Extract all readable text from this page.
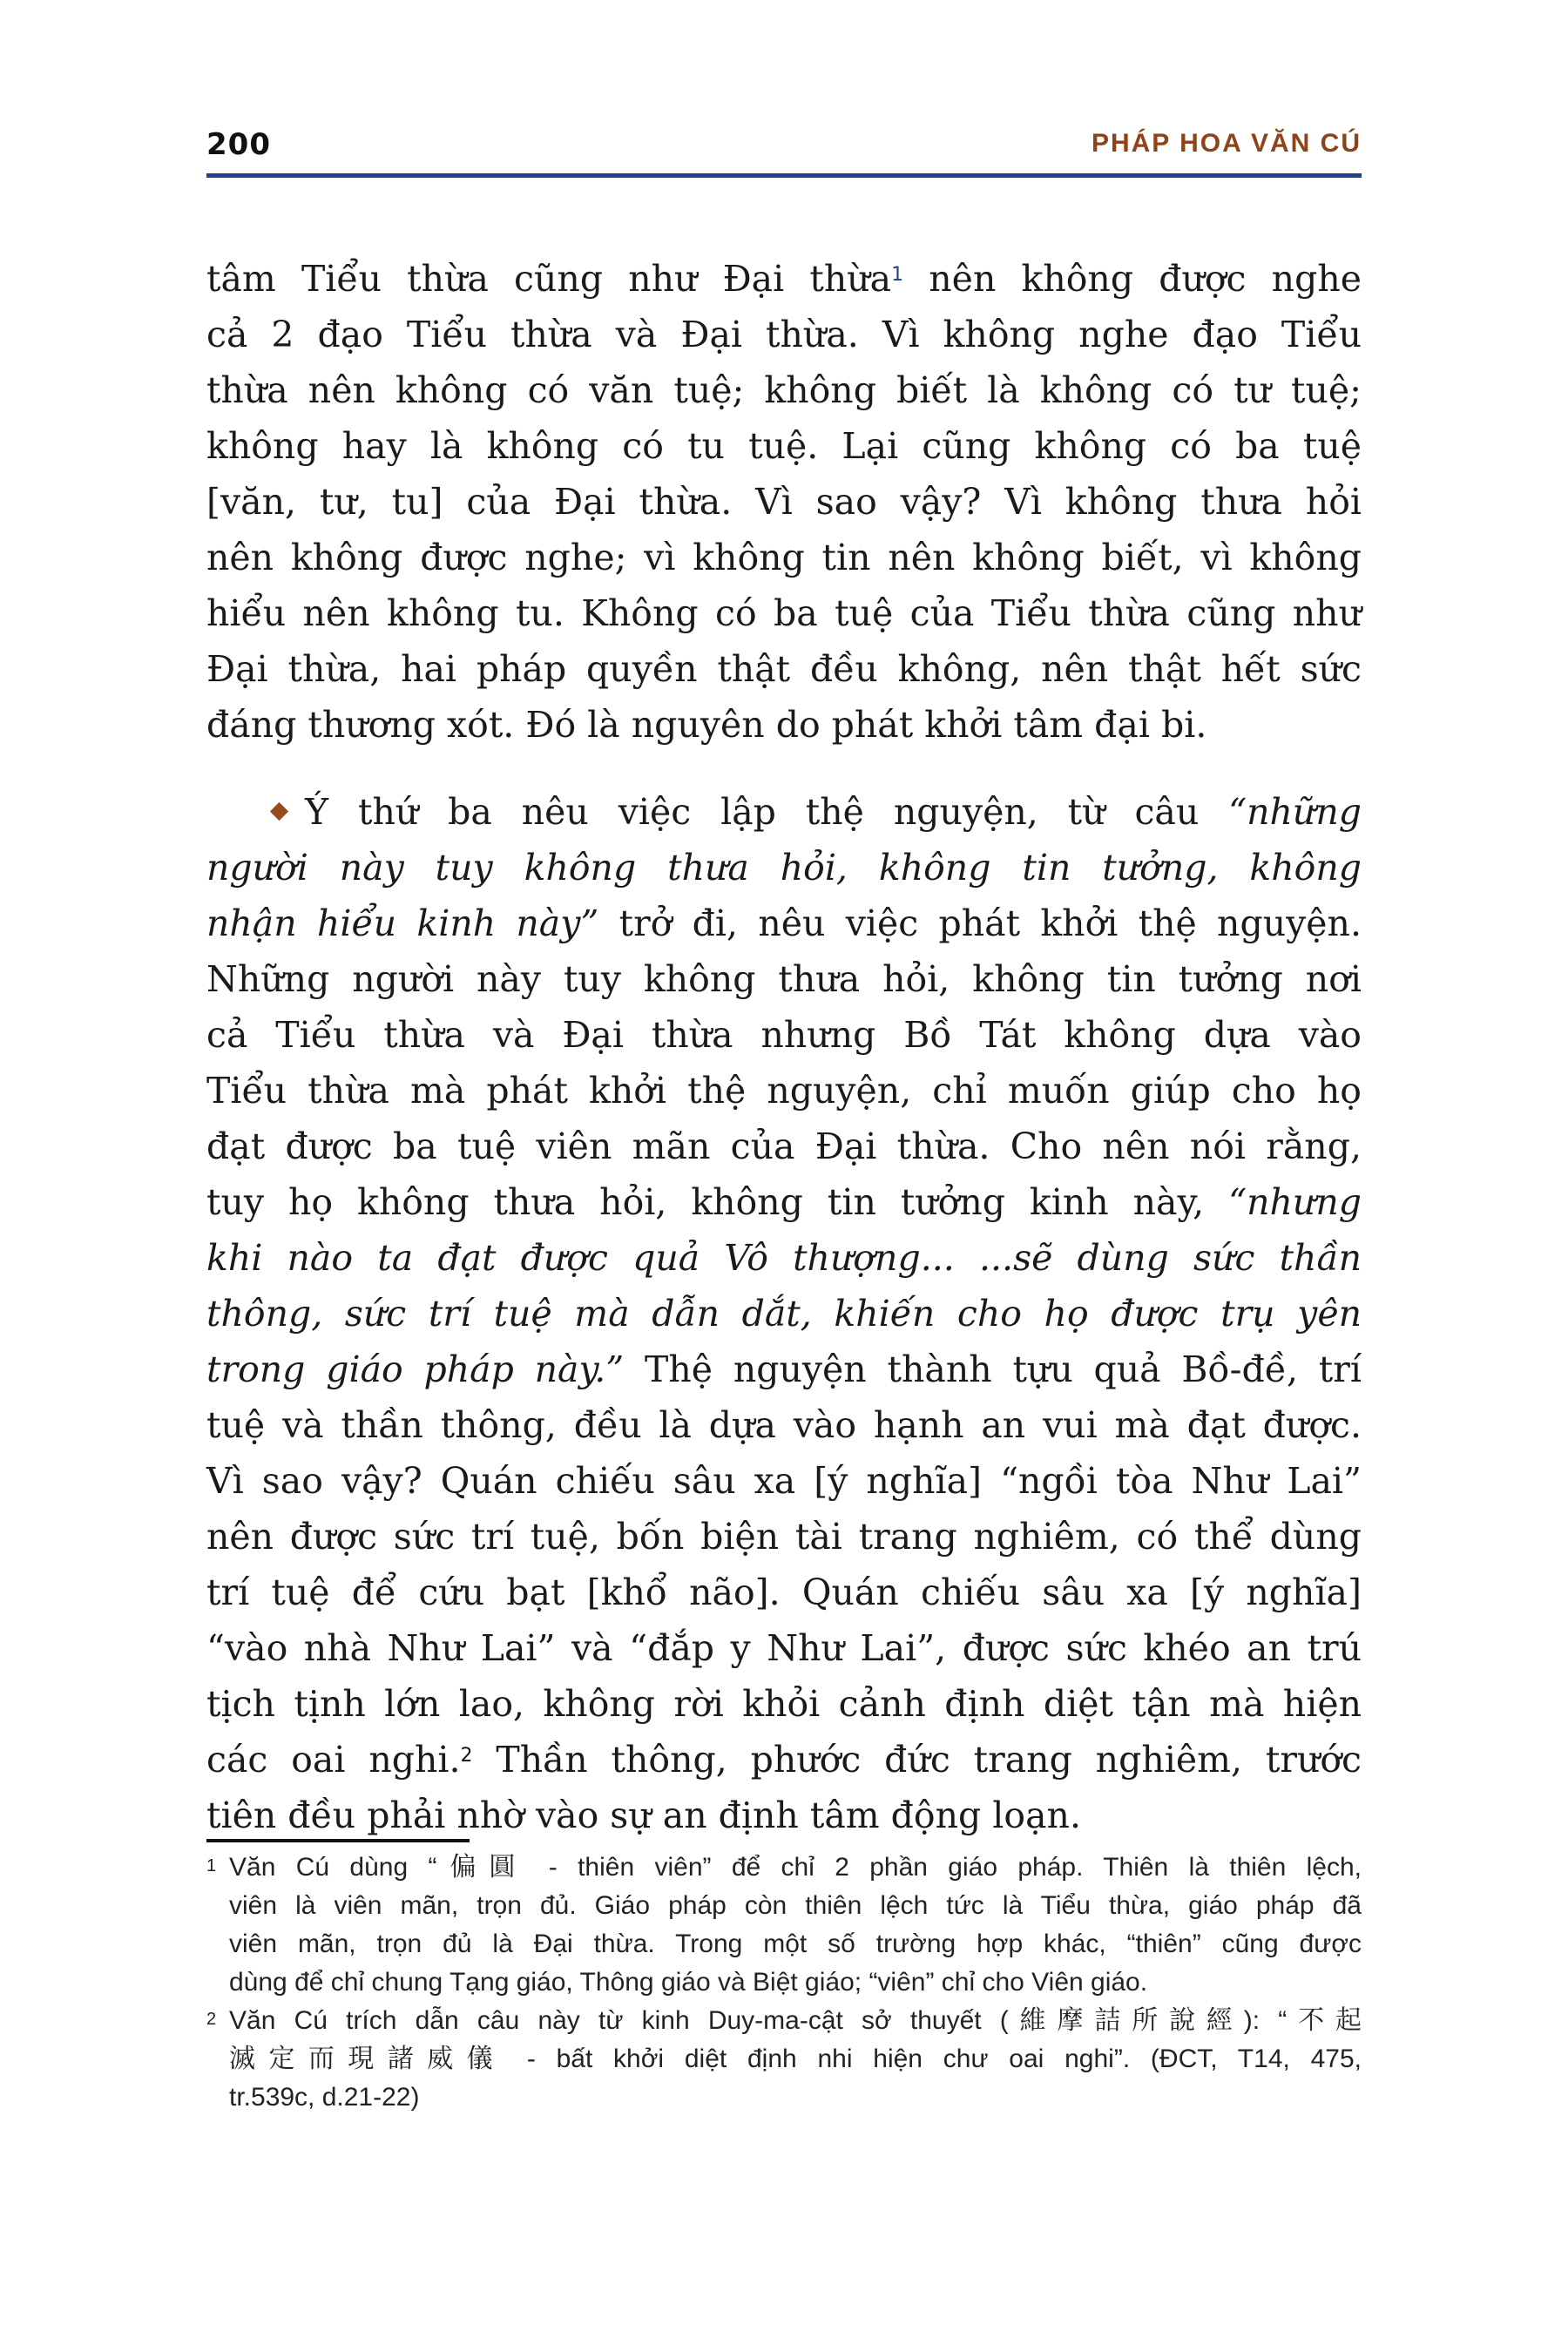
200	PHÁP HOA VĂN CÚ

tâm Tiểu thừa cũng như Đại thừa$^1$ nên không được nghe
cả 2 đạo Tiểu thừa và Đại thừa. Vì không nghe đạo Tiểu
thừa nên không có văn tuệ; không biết là không có tư tuệ;
không hay là không có tu tuệ. Lại cũng không có ba tuệ
[văn, tư, tu] của Đại thừa. Vì sao vậy? Vì không thưa hỏi
nên không được nghe; vì không tin nên không biết, vì không
hiểu nên không tu. Không có ba tuệ của Tiểu thừa cũng như
Đại thừa, hai pháp quyền thật đều không, nên thật hết sức
đáng thương xót. Đó là nguyên do phát khởi tâm đại bi.

Ý thứ ba nêu việc lập thệ nguyện, từ câu “những
người này tuy không thưa hỏi, không tin tưởng, không
nhận hiểu kinh này” trở đi, nêu việc phát khởi thệ nguyện.
Những người này tuy không thưa hỏi, không tin tưởng nơi
cả Tiểu thừa và Đại thừa nhưng Bồ Tát không dựa vào
Tiểu thừa mà phát khởi thệ nguyện, chỉ muốn giúp cho họ
đạt được ba tuệ viên mãn của Đại thừa. Cho nên nói rằng,
tuy họ không thưa hỏi, không tin tưởng kinh này, “nhưng
khi nào ta đạt được quả Vô thượng... ...sẽ dùng sức thần
thông, sức trí tuệ mà dẫn dắt, khiến cho họ được trụ yên
trong giáo pháp này.” Thệ nguyện thành tựu quả Bồ-đề, trí
tuệ và thần thông, đều là dựa vào hạnh an vui mà đạt được.
Vì sao vậy? Quán chiếu sâu xa [ý nghĩa] “ngồi tòa Như Lai”
nên được sức trí tuệ, bốn biện tài trang nghiêm, có thể dùng
trí tuệ để cứu bạt [khổ não]. Quán chiếu sâu xa [ý nghĩa]
“vào nhà Như Lai” và “đắp y Như Lai”, được sức khéo an trú
tịch tịnh lớn lao, không rời khỏi cảnh định diệt tận mà hiện
các oai nghi.$^2$ Thần thông, phước đức trang nghiêm, trước
tiên đều phải nhờ vào sự an định tâm động loạn.

1 Văn Cú dùng “偏圓 - thiên viên” để chỉ 2 phần giáo pháp. Thiên là thiên lệch,
viên là viên mãn, trọn đủ. Giáo pháp còn thiên lệch tức là Tiểu thừa, giáo pháp đã
viên mãn, trọn đủ là Đại thừa. Trong một số trường hợp khác, “thiên” cũng được
dùng để chỉ chung Tạng giáo, Thông giáo và Biệt giáo; “viên” chỉ cho Viên giáo.
2 Văn Cú trích dẫn câu này từ kinh Duy-ma-cật sở thuyết (維摩詰所說經): “不起
滅定而現諸威儀 - bất khởi diệt định nhi hiện chư oai nghi”. (ĐCT, T14, 475,
tr.539c, d.21-22)
